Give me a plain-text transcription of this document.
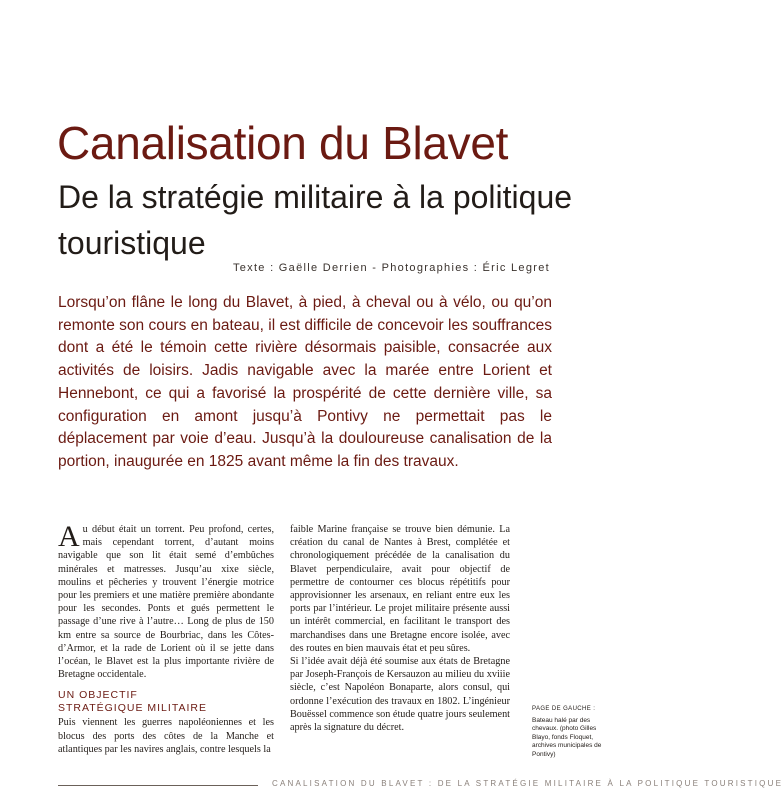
Canalisation du Blavet
De la stratégie militaire à la politique touristique
Texte : Gaëlle Derrien - Photographies : Éric Legret

Lorsqu’on flâne le long du Blavet, à pied, à cheval ou à vélo, ou qu’on remonte son cours en bateau, il est difficile de concevoir les souffrances dont a été le témoin cette rivière désormais paisible, consacrée aux activités de loisirs. Jadis navigable avec la marée entre Lorient et Hennebont, ce qui a favorisé la prospérité de cette dernière ville, sa configuration en amont jusqu’à Pontivy ne permettait pas le déplacement par voie d’eau. Jusqu’à la douloureuse canalisation de la portion, inaugurée en 1825 avant même la fin des travaux.

A u début était un torrent. Peu profond, certes, mais cependant torrent, d’autant moins navigable que son lit était semé d’embûches minérales et matresses. Jusqu’au xixe siècle, moulins et pêcheries y trouvent l’énergie motrice pour les premiers et une matière première abondante pour les secondes. Ponts et gués permettent le passage d’une rive à l’autre… Long de plus de 150 km entre sa source de Bourbriac, dans les Côtes-d’Armor, et la rade de Lorient où il se jette dans l’océan, le Blavet est la plus importante rivière de Bretagne occidentale.

UN OBJECTIF
STRATÉGIQUE MILITAIRE

Puis viennent les guerres napoléoniennes et les blocus des ports des côtes de la Manche et atlantiques par les navires anglais, contre lesquels la

faible Marine française se trouve bien démunie. La création du canal de Nantes à Brest, complétée et chronologiquement précédée de la canalisation du Blavet perpendiculaire, avait pour objectif de permettre de contourner ces blocus répétitifs pour approvisionner les arsenaux, en reliant entre eux les ports par l’intérieur. Le projet militaire présente aussi un intérêt commercial, en facilitant le transport des marchandises dans une Bretagne encore isolée, avec des routes en bien mauvais état et peu sûres.

Si l’idée avait déjà été soumise aux états de Bretagne par Joseph-François de Kersauzon au milieu du xviiie siècle, c’est Napoléon Bonaparte, alors consul, qui ordonne l’exécution des travaux en 1802. L’ingénieur Bouëssel commence son étude quatre jours seulement après la signature du décret.

PAGE DE GAUCHE :
Bateau halé par des chevaux. (photo Gilles Blayo, fonds Floquet, archives municipales de Pontivy)
CANALISATION DU BLAVET : DE LA STRATÉGIE MILITAIRE À LA POLITIQUE TOURISTIQUE
